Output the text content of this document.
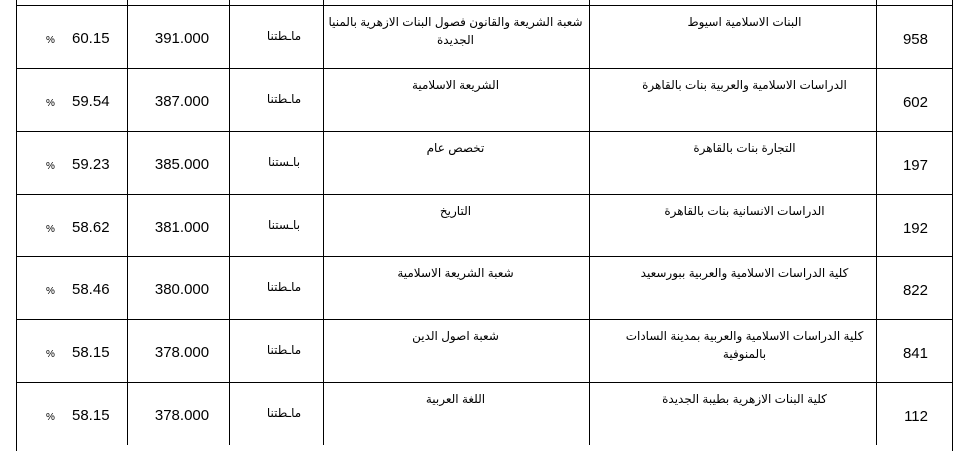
958
البنات الاسلامية اسيوط
شعبة الشريعة والقانون فصول البنات الازهرية بالمنيا الجديدة
ماـطتنا
391.000
60.15
%
602
الدراسات الاسلامية والعربية بنات بالقاهرة
الشريعة الاسلامية
ماـطتنا
387.000
59.54
%
197
التجارة بنات بالقاهرة
تخصص عام
باـستنا
385.000
59.23
%
192
الدراسات الانسانية بنات بالقاهرة
التاريخ
باـستنا
381.000
58.62
%
822
كلية الدراسات الاسلامية والعربية ببورسعيد
شعبة الشريعة الاسلامية
ماـطتنا
380.000
58.46
%
841
كلية الدراسات الاسلامية والعربية بمدينة السادات بالمنوفية
شعبة اصول الدين
ماـطتنا
378.000
58.15
%
112
كلية البنات الازهرية بطيبة الجديدة
اللغة العربية
ماـطتنا
378.000
58.15
%
